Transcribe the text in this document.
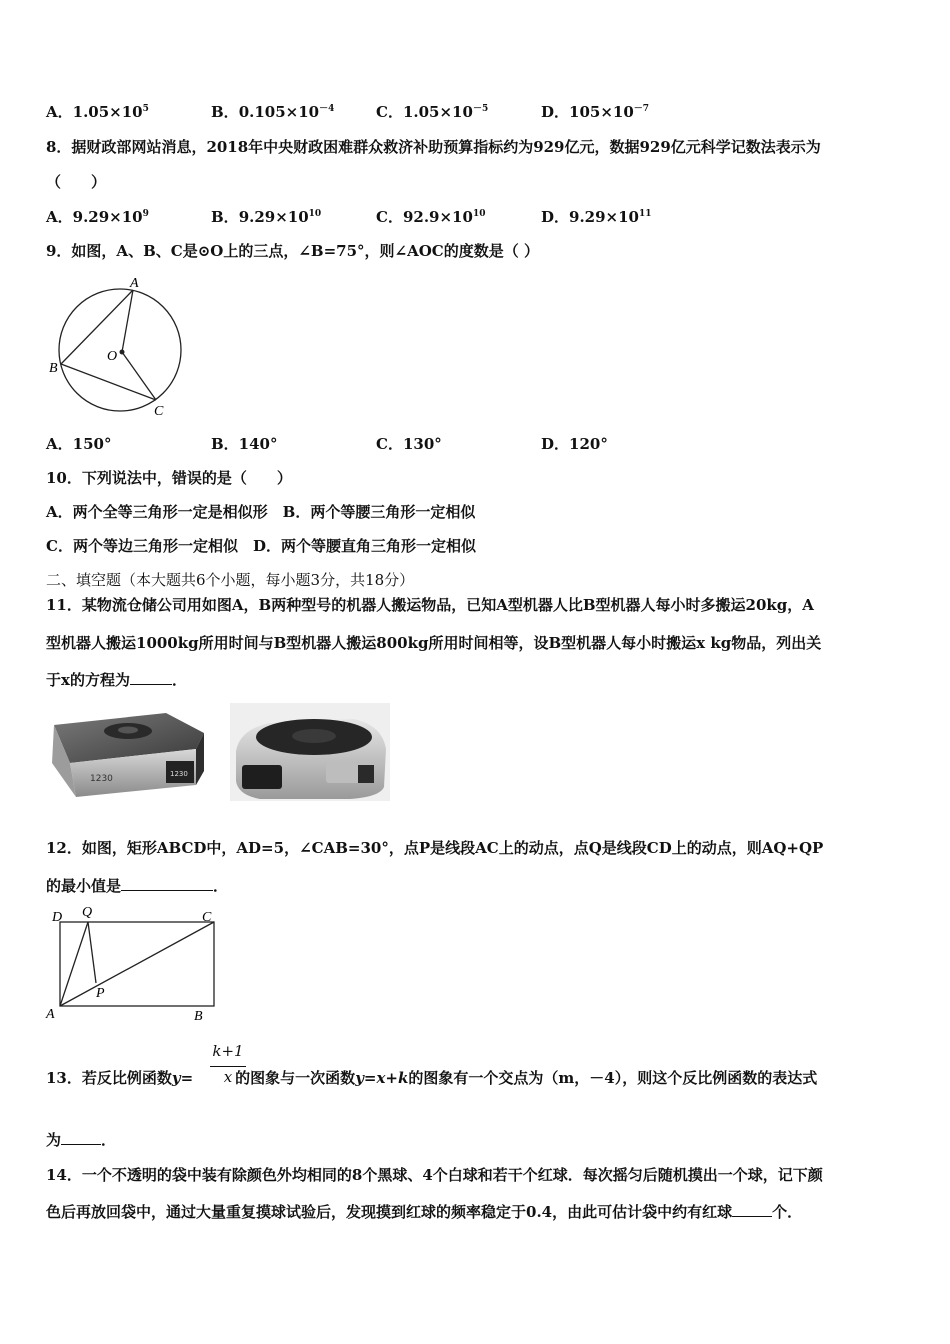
A．$1.05\times 10^5$	B．$0.105\times 10^{-4}$	C．$1.05\times 10^{-5}$	D．$105\times 10^{-7}$
8．据财政部网站消息，2018年中央财政困难群众救济补助预算指标约为929亿元，数据929亿元科学记数法表示为
（　　）
A．$9.29\times 10^9$	B．$9.29\times 10^{10}$	C．$92.9\times 10^{10}$	D．$9.29\times 10^{11}$
9．如图，A、B、C是⊙O上的三点，∠B=75°，则∠AOC的度数是（ ）
A
B
C
O
A．150°	B．140°	C．130°	D．120°
10．下列说法中，错误的是（　　）
A．两个全等三角形一定是相似形　B．两个等腰三角形一定相似
C．两个等边三角形一定相似　D．两个等腰直角三角形一定相似
二、填空题（本大题共6个小题，每小题3分，共18分）
11．某物流仓储公司用如图A，B两种型号的机器人搬运物品，已知A型机器人比B型机器人每小时多搬运20kg，A
型机器人搬运1000kg所用时间与B型机器人搬运800kg所用时间相等，设B型机器人每小时搬运x kg物品，列出关
于x的方程为	．
1230	1230
12．如图，矩形ABCD中，AD=5，∠CAB=30°，点P是线段AC上的动点，点Q是线段CD上的动点，则AQ+QP
的最小值是	．
D Q	C
A	B
P
13．若反比例函数y=	的图象与一次函数y=x+k的图象有一个交点为（m，－4），则这个反比例函数的表达式
k+1
x
为	．
14．一个不透明的袋中装有除颜色外均相同的8个黑球、4个白球和若干个红球．每次摇匀后随机摸出一个球，记下颜
色后再放回袋中，通过大量重复摸球试验后，发现摸到红球的频率稳定于0.4，由此可估计袋中约有红球	个．
